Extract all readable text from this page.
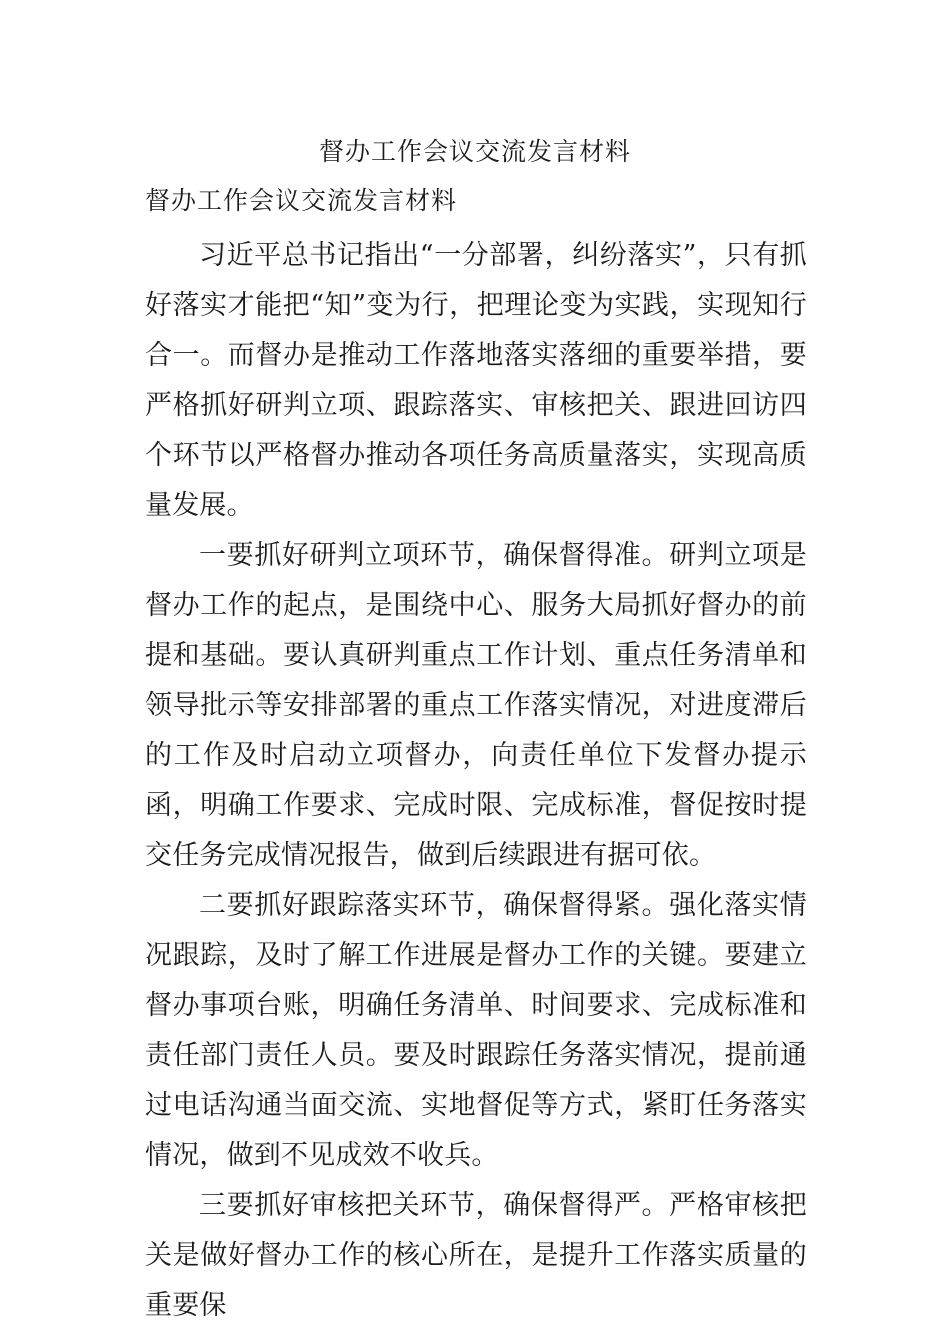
督办工作会议交流发言材料
督办工作会议交流发言材料

习近平总书记指出“一分部署，纠纷落实”，只有抓好落实才能把“知”变为行，把理论变为实践，实现知行合一。而督办是推动工作落地落实落细的重要举措，要严格抓好研判立项、跟踪落实、审核把关、跟进回访四个环节以严格督办推动各项任务高质量落实，实现高质量发展。

一要抓好研判立项环节，确保督得准。研判立项是督办工作的起点，是围绕中心、服务大局抓好督办的前提和基础。要认真研判重点工作计划、重点任务清单和领导批示等安排部署的重点工作落实情况，对进度滞后的工作及时启动立项督办，向责任单位下发督办提示函，明确工作要求、完成时限、完成标准，督促按时提交任务完成情况报告，做到后续跟进有据可依。

二要抓好跟踪落实环节，确保督得紧。强化落实情况跟踪，及时了解工作进展是督办工作的关键。要建立督办事项台账，明确任务清单、时间要求、完成标准和责任部门责任人员。要及时跟踪任务落实情况，提前通过电话沟通当面交流、实地督促等方式，紧盯任务落实情况，做到不见成效不收兵。

三要抓好审核把关环节，确保督得严。严格审核把关是做好督办工作的核心所在，是提升工作落实质量的重要保
